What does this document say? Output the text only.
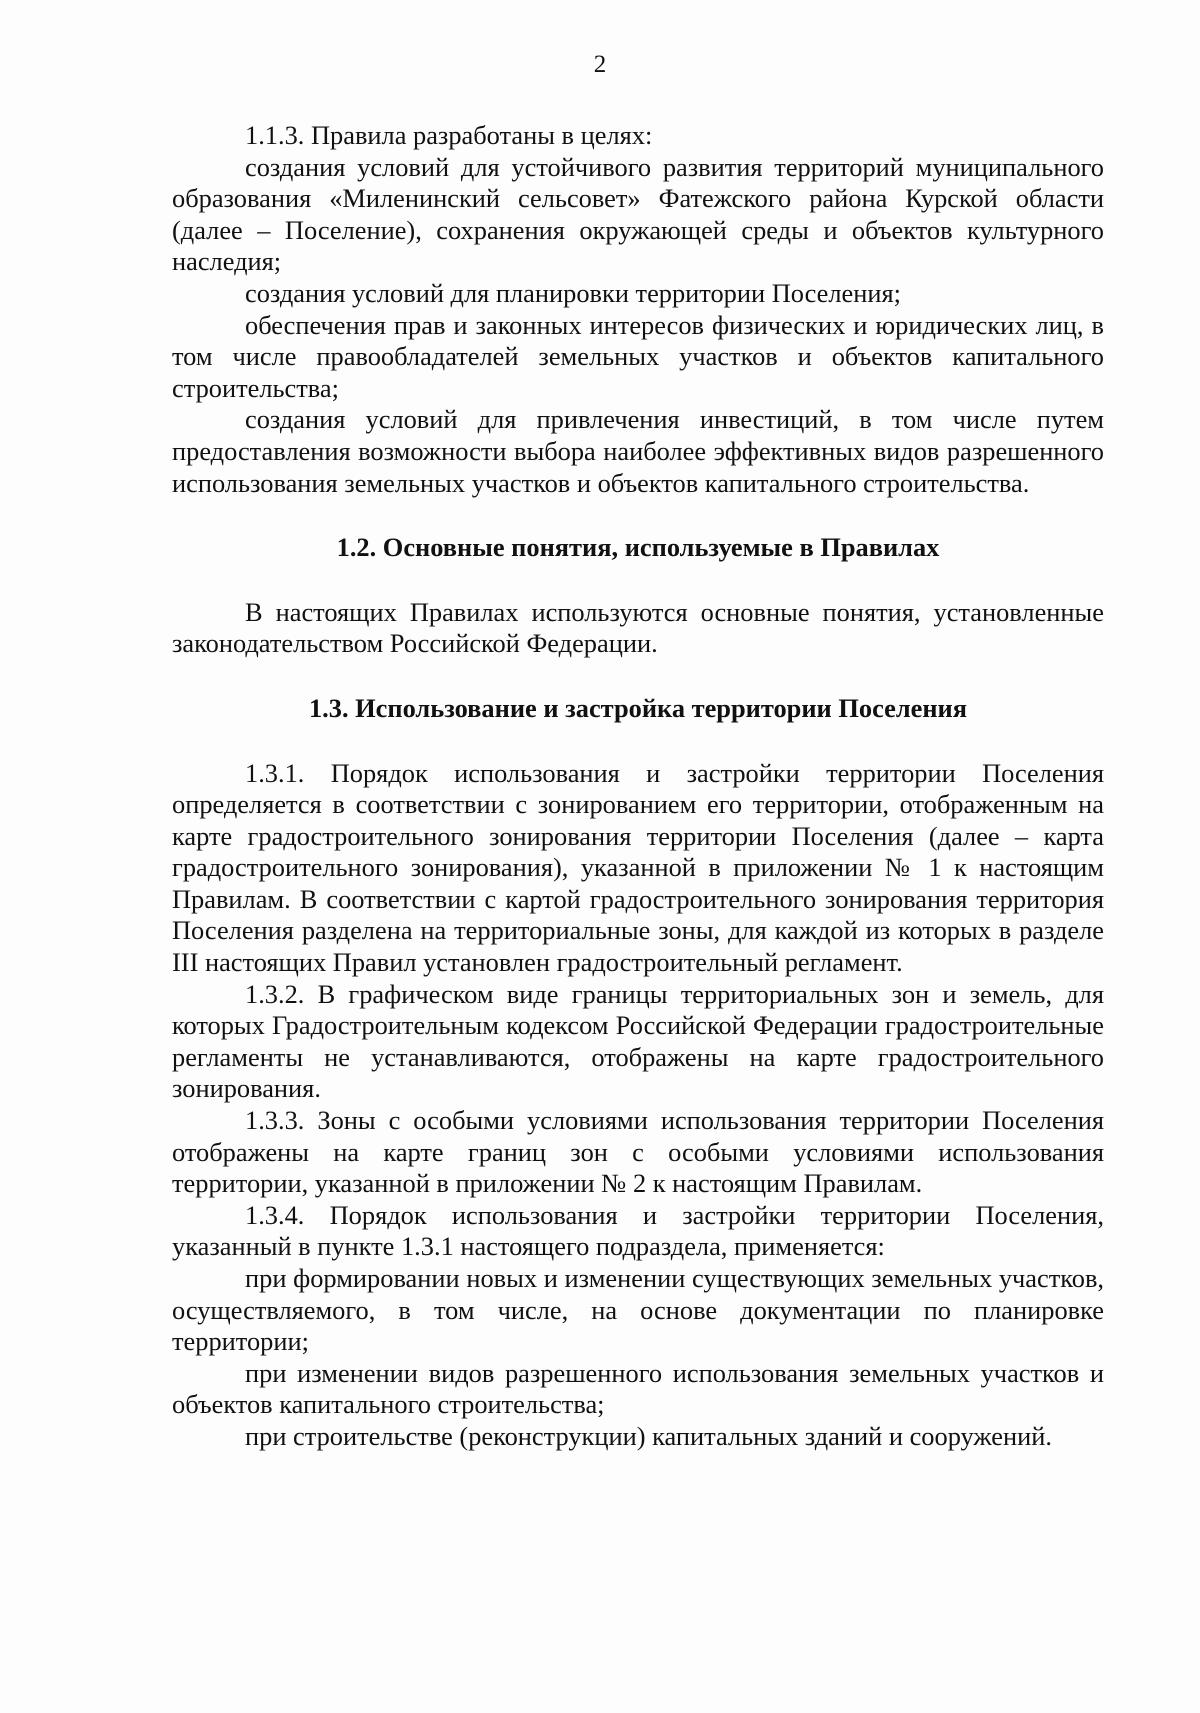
2

1.1.3. Правила разработаны в целях:

создания условий для устойчивого развития территорий муниципального образования «Миленинский сельсовет» Фатежского района Курской области (далее – Поселение), сохранения окружающей среды и объектов культурного наследия;

создания условий для планировки территории Поселения;

обеспечения прав и законных интересов физических и юридических лиц, в том числе правообладателей земельных участков и объектов капитального строительства;

создания условий для привлечения инвестиций, в том числе путем предоставления возможности выбора наиболее эффективных видов разрешенного использования земельных участков и объектов капитального строительства.

1.2. Основные понятия, используемые в Правилах

В настоящих Правилах используются основные понятия, установленные законодательством Российской Федерации.

1.3. Использование и застройка территории Поселения

1.3.1. Порядок использования и застройки территории Поселения определяется в соответствии с зонированием его территории, отображенным на карте градостроительного зонирования территории Поселения (далее – карта градостроительного зонирования), указанной в приложении № 1 к настоящим Правилам. В соответствии с картой градостроительного зонирования территория Поселения разделена на территориальные зоны, для каждой из которых в разделе III настоящих Правил установлен градостроительный регламент.

1.3.2. В графическом виде границы территориальных зон и земель, для которых Градостроительным кодексом Российской Федерации градостроительные регламенты не устанавливаются, отображены на карте градостроительного зонирования.

1.3.3. Зоны с особыми условиями использования территории Поселения отображены на карте границ зон с особыми условиями использования территории, указанной в приложении № 2 к настоящим Правилам.

1.3.4. Порядок использования и застройки территории Поселения, указанный в пункте 1.3.1 настоящего подраздела, применяется:

при формировании новых и изменении существующих земельных участков, осуществляемого, в том числе, на основе документации по планировке территории;

при изменении видов разрешенного использования земельных участков и объектов капитального строительства;

при строительстве (реконструкции) капитальных зданий и сооружений.
